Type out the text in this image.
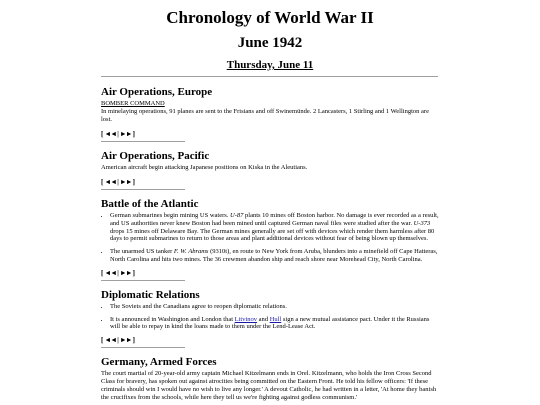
Chronology of World War II
June 1942
Thursday, June 11
Air Operations, Europe
BOMBER COMMAND

In minelaying operations, 91 planes are sent to the Frisians and off Swinemünde. 2 Lancasters, 1 Stirling and 1 Wellington are lost.

[ ◄◄ | ►► ]
Air Operations, Pacific

American aircraft begin attacking Japanese positions on Kiska in the Aleutians.

[ ◄◄ | ►► ]
Battle of the Atlantic
• German submarines begin mining US waters. U-87 plants 10 mines off Boston harbor. No damage is ever recorded as a result, and US authorities never knew Boston had been mined until captured German naval files were studied after the war. U-373 drops 15 mines off Delaware Bay. The German mines generally are set off with devices which render them harmless after 80 days to permit submarines to return to those areas and plant additional devices without fear of being blown up themselves.
• The unarmed US tanker F. W. Abrams (9310t), en route to New York from Aruba, blunders into a minefield off Cape Hatteras, North Carolina and hits two mines. The 36 crewmen abandon ship and reach shore near Morehead City, North Carolina.
[ ◄◄ | ►► ]
Diplomatic Relations
• The Soviets and the Canadians agree to reopen diplomatic relations.
• It is announced in Washington and London that Litvinov and Hull sign a new mutual assistance pact. Under it the Russians will be able to repay in kind the loans made to them under the Lend-Lease Act.
[ ◄◄ | ►► ]
Germany, Armed Forces

The court martial of 20-year-old army captain Michael Kitzelmann ends in Orel. Kitzelmann, who holds the Iron Cross Second Class for bravery, has spoken out against atrocities being committed on the Eastern Front. He told his fellow officers: 'If these criminals should win I would have no wish to live any longer.' A devout Catholic, he had written in a letter, 'At home they banish the crucifixes from the schools, while here they tell us we're fighting against godless communism.'
